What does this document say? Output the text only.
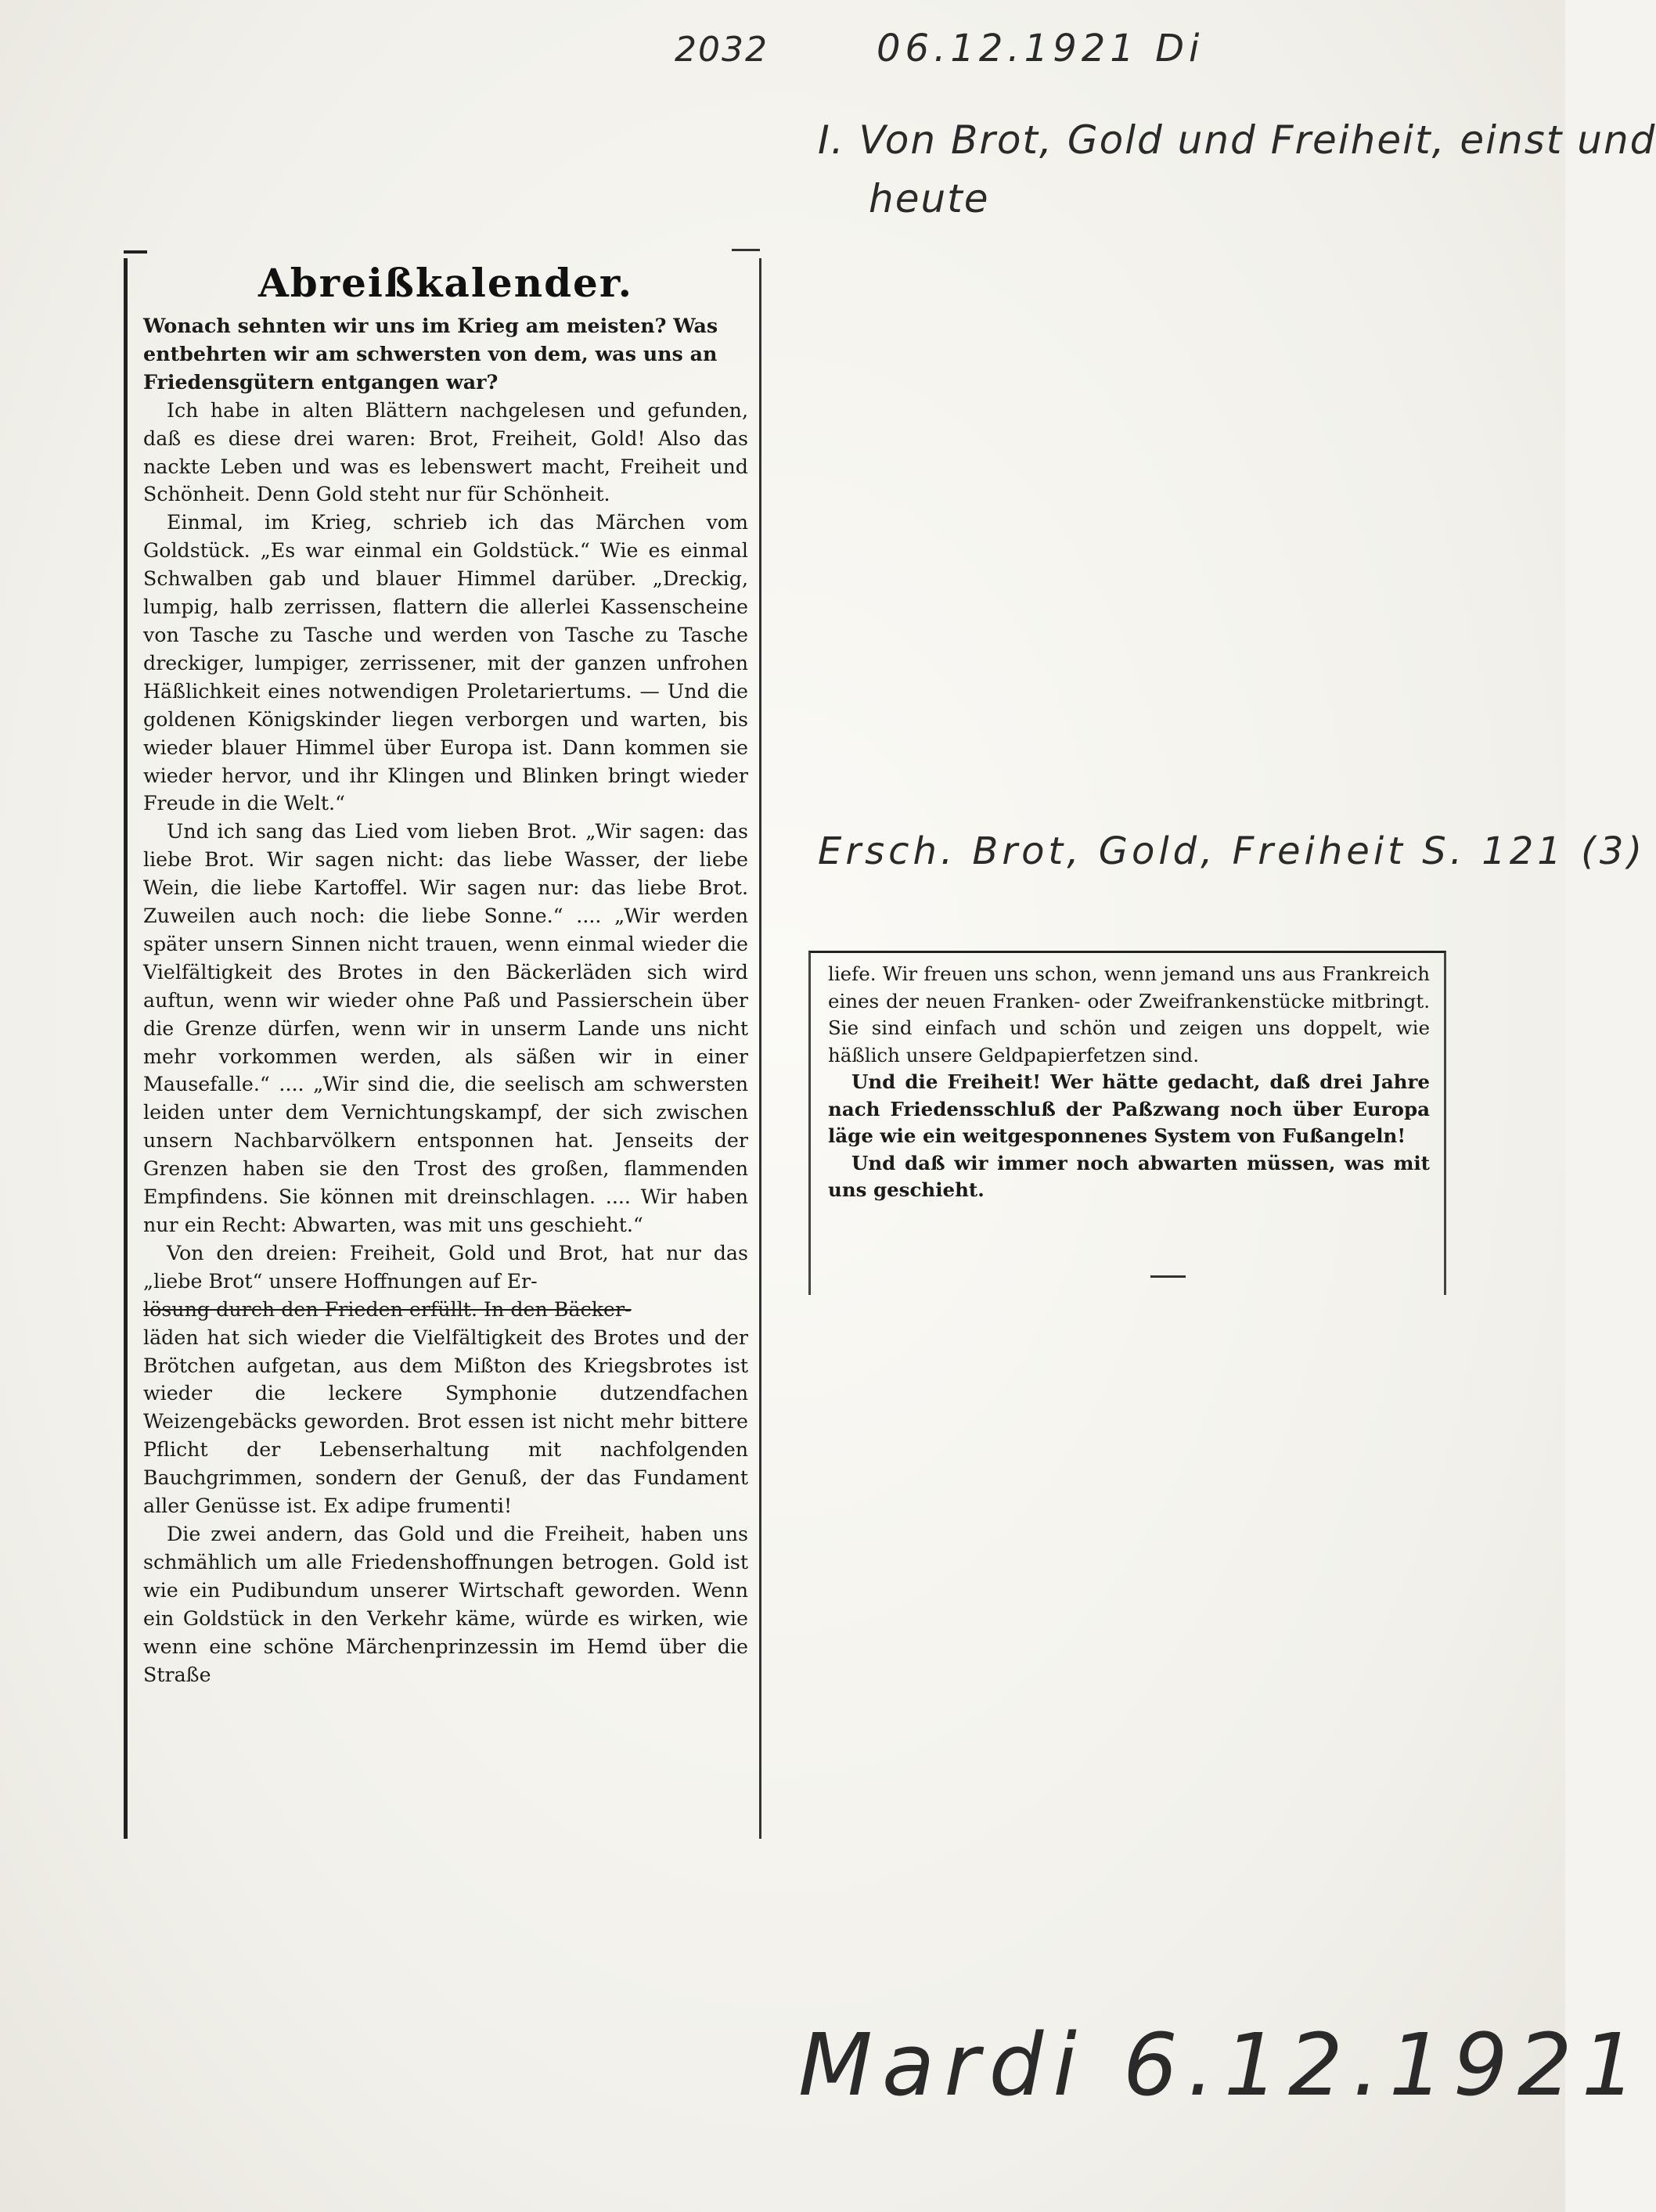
2032	06.12.1921 Di
I. Von Brot, Gold und Freiheit, einst und
heute
Ersch. Brot, Gold, Freiheit S. 121 (3)
Abreißkalender.

Wonach sehnten wir uns im Krieg am meisten? Was entbehrten wir am schwersten von dem, was uns an Friedensgütern entgangen war?

Ich habe in alten Blättern nachgelesen und gefunden, daß es diese drei waren: Brot, Freiheit, Gold! Also das nackte Leben und was es lebenswert macht, Freiheit und Schönheit. Denn Gold steht nur für Schönheit.

Einmal, im Krieg, schrieb ich das Märchen vom Goldstück. „Es war einmal ein Goldstück.“ Wie es einmal Schwalben gab und blauer Himmel darüber. „Dreckig, lumpig, halb zerrissen, flattern die allerlei Kassenscheine von Tasche zu Tasche und werden von Tasche zu Tasche dreckiger, lumpiger, zerrissener, mit der ganzen unfrohen Häßlichkeit eines notwendigen Proletariertums. — Und die goldenen Königskinder liegen verborgen und warten, bis wieder blauer Himmel über Europa ist. Dann kommen sie wieder hervor, und ihr Klingen und Blinken bringt wieder Freude in die Welt.“

Und ich sang das Lied vom lieben Brot. „Wir sagen: das liebe Brot. Wir sagen nicht: das liebe Wasser, der liebe Wein, die liebe Kartoffel. Wir sagen nur: das liebe Brot. Zuweilen auch noch: die liebe Sonne.“ .... „Wir werden später unsern Sinnen nicht trauen, wenn einmal wieder die Vielfältigkeit des Brotes in den Bäckerläden sich wird auftun, wenn wir wieder ohne Paß und Passierschein über die Grenze dürfen, wenn wir in unserm Lande uns nicht mehr vorkommen werden, als säßen wir in einer Mausefalle.“ .... „Wir sind die, die seelisch am schwersten leiden unter dem Vernichtungskampf, der sich zwischen unsern Nachbarvölkern entsponnen hat. Jenseits der Grenzen haben sie den Trost des großen, flammenden Empfindens. Sie können mit dreinschlagen. .... Wir haben nur ein Recht: Abwarten, was mit uns geschieht.“

Von den dreien: Freiheit, Gold und Brot, hat nur das „liebe Brot“ unsere Hoffnungen auf Er-

lösung durch den Frieden erfüllt. In den Bäcker-

läden hat sich wieder die Vielfältigkeit des Brotes und der Brötchen aufgetan, aus dem Mißton des Kriegsbrotes ist wieder die leckere Symphonie dutzendfachen Weizengebäcks geworden. Brot essen ist nicht mehr bittere Pflicht der Lebenserhaltung mit nachfolgenden Bauchgrimmen, sondern der Genuß, der das Fundament aller Genüsse ist. Ex adipe frumenti!

Die zwei andern, das Gold und die Freiheit, haben uns schmählich um alle Friedenshoffnungen betrogen. Gold ist wie ein Pudibundum unserer Wirtschaft geworden. Wenn ein Goldstück in den Verkehr käme, würde es wirken, wie wenn eine schöne Märchenprinzessin im Hemd über die Straße

liefe. Wir freuen uns schon, wenn jemand uns aus Frankreich eines der neuen Franken- oder Zweifrankenstücke mitbringt. Sie sind einfach und schön und zeigen uns doppelt, wie häßlich unsere Geldpapierfetzen sind.

Und die Freiheit! Wer hätte gedacht, daß drei Jahre nach Friedensschluß der Paßzwang noch über Europa läge wie ein weitgesponnenes System von Fußangeln!

Und daß wir immer noch abwarten müssen, was mit uns geschieht.

Mardi 6.12.1921
